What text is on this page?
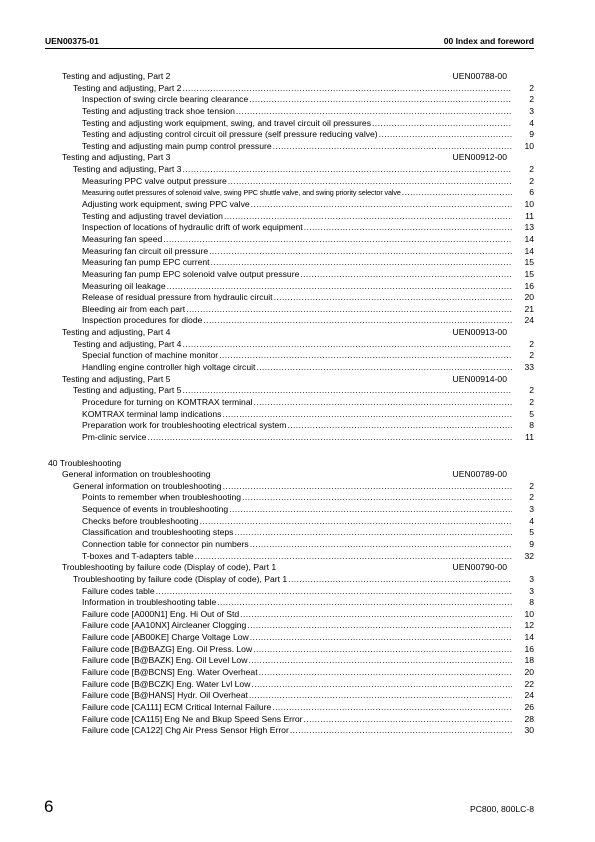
UEN00375-01	00 Index and foreword
Testing and adjusting, Part 2	UEN00788-00
Testing and adjusting, Part 2 .....	2
Inspection of swing circle bearing clearance .....	2
Testing and adjusting track shoe tension .....	3
Testing and adjusting work equipment, swing, and travel circuit oil pressures .....	4
Testing and adjusting control circuit oil pressure (self pressure reducing valve) .....	9
Testing and adjusting main pump control pressure .....	10
Testing and adjusting, Part 3	UEN00912-00
Testing and adjusting, Part 3 .....	2
Measuring PPC valve output pressure .....	2
Measuring outlet pressures of solenoid valve, swing PPC shuttle valve, and swing priority selector valve .....	6
Adjusting work equipment, swing PPC valve .....	10
Testing and adjusting travel deviation .....	11
Inspection of locations of hydraulic drift of work equipment .....	13
Measuring fan speed .....	14
Measuring fan circuit oil pressure .....	14
Measuring fan pump EPC current .....	15
Measuring fan pump EPC solenoid valve output pressure .....	15
Measuring oil leakage .....	16
Release of residual pressure from hydraulic circuit .....	20
Bleeding air from each part .....	21
Inspection procedures for diode .....	24
Testing and adjusting, Part 4	UEN00913-00
Testing and adjusting, Part 4 .....	2
Special function of machine monitor .....	2
Handling engine controller high voltage circuit .....	33
Testing and adjusting, Part 5	UEN00914-00
Testing and adjusting, Part 5 .....	2
Procedure for turning on KOMTRAX terminal .....	2
KOMTRAX terminal lamp indications .....	5
Preparation work for troubleshooting electrical system .....	8
Pm-clinic service .....	11
40 Troubleshooting
General information on troubleshooting	UEN00789-00
General information on troubleshooting .....	2
Points to remember when troubleshooting .....	2
Sequence of events in troubleshooting .....	3
Checks before troubleshooting .....	4
Classification and troubleshooting steps .....	5
Connection table for connector pin numbers .....	9
T-boxes and T-adapters table .....	32
Troubleshooting by failure code (Display of code), Part 1	UEN00790-00
Troubleshooting by failure code (Display of code), Part 1 .....	3
Failure codes table .....	3
Information in troubleshooting table .....	8
Failure code [A000N1] Eng. Hi Out of Std .....	10
Failure code [AA10NX] Aircleaner Clogging .....	12
Failure code [AB00KE] Charge Voltage Low .....	14
Failure code [B@BAZG] Eng. Oil Press. Low .....	16
Failure code [B@BAZK] Eng. Oil Level Low .....	18
Failure code [B@BCNS] Eng. Water Overheat .....	20
Failure code [B@BCZK] Eng. Water Lvl Low .....	22
Failure code [B@HANS] Hydr. Oil Overheat .....	24
Failure code [CA111] ECM Critical Internal Failure .....	26
Failure code [CA115] Eng Ne and Bkup Speed Sens Error .....	28
Failure code [CA122] Chg Air Press Sensor High Error .....	30
6	PC800, 800LC-8
